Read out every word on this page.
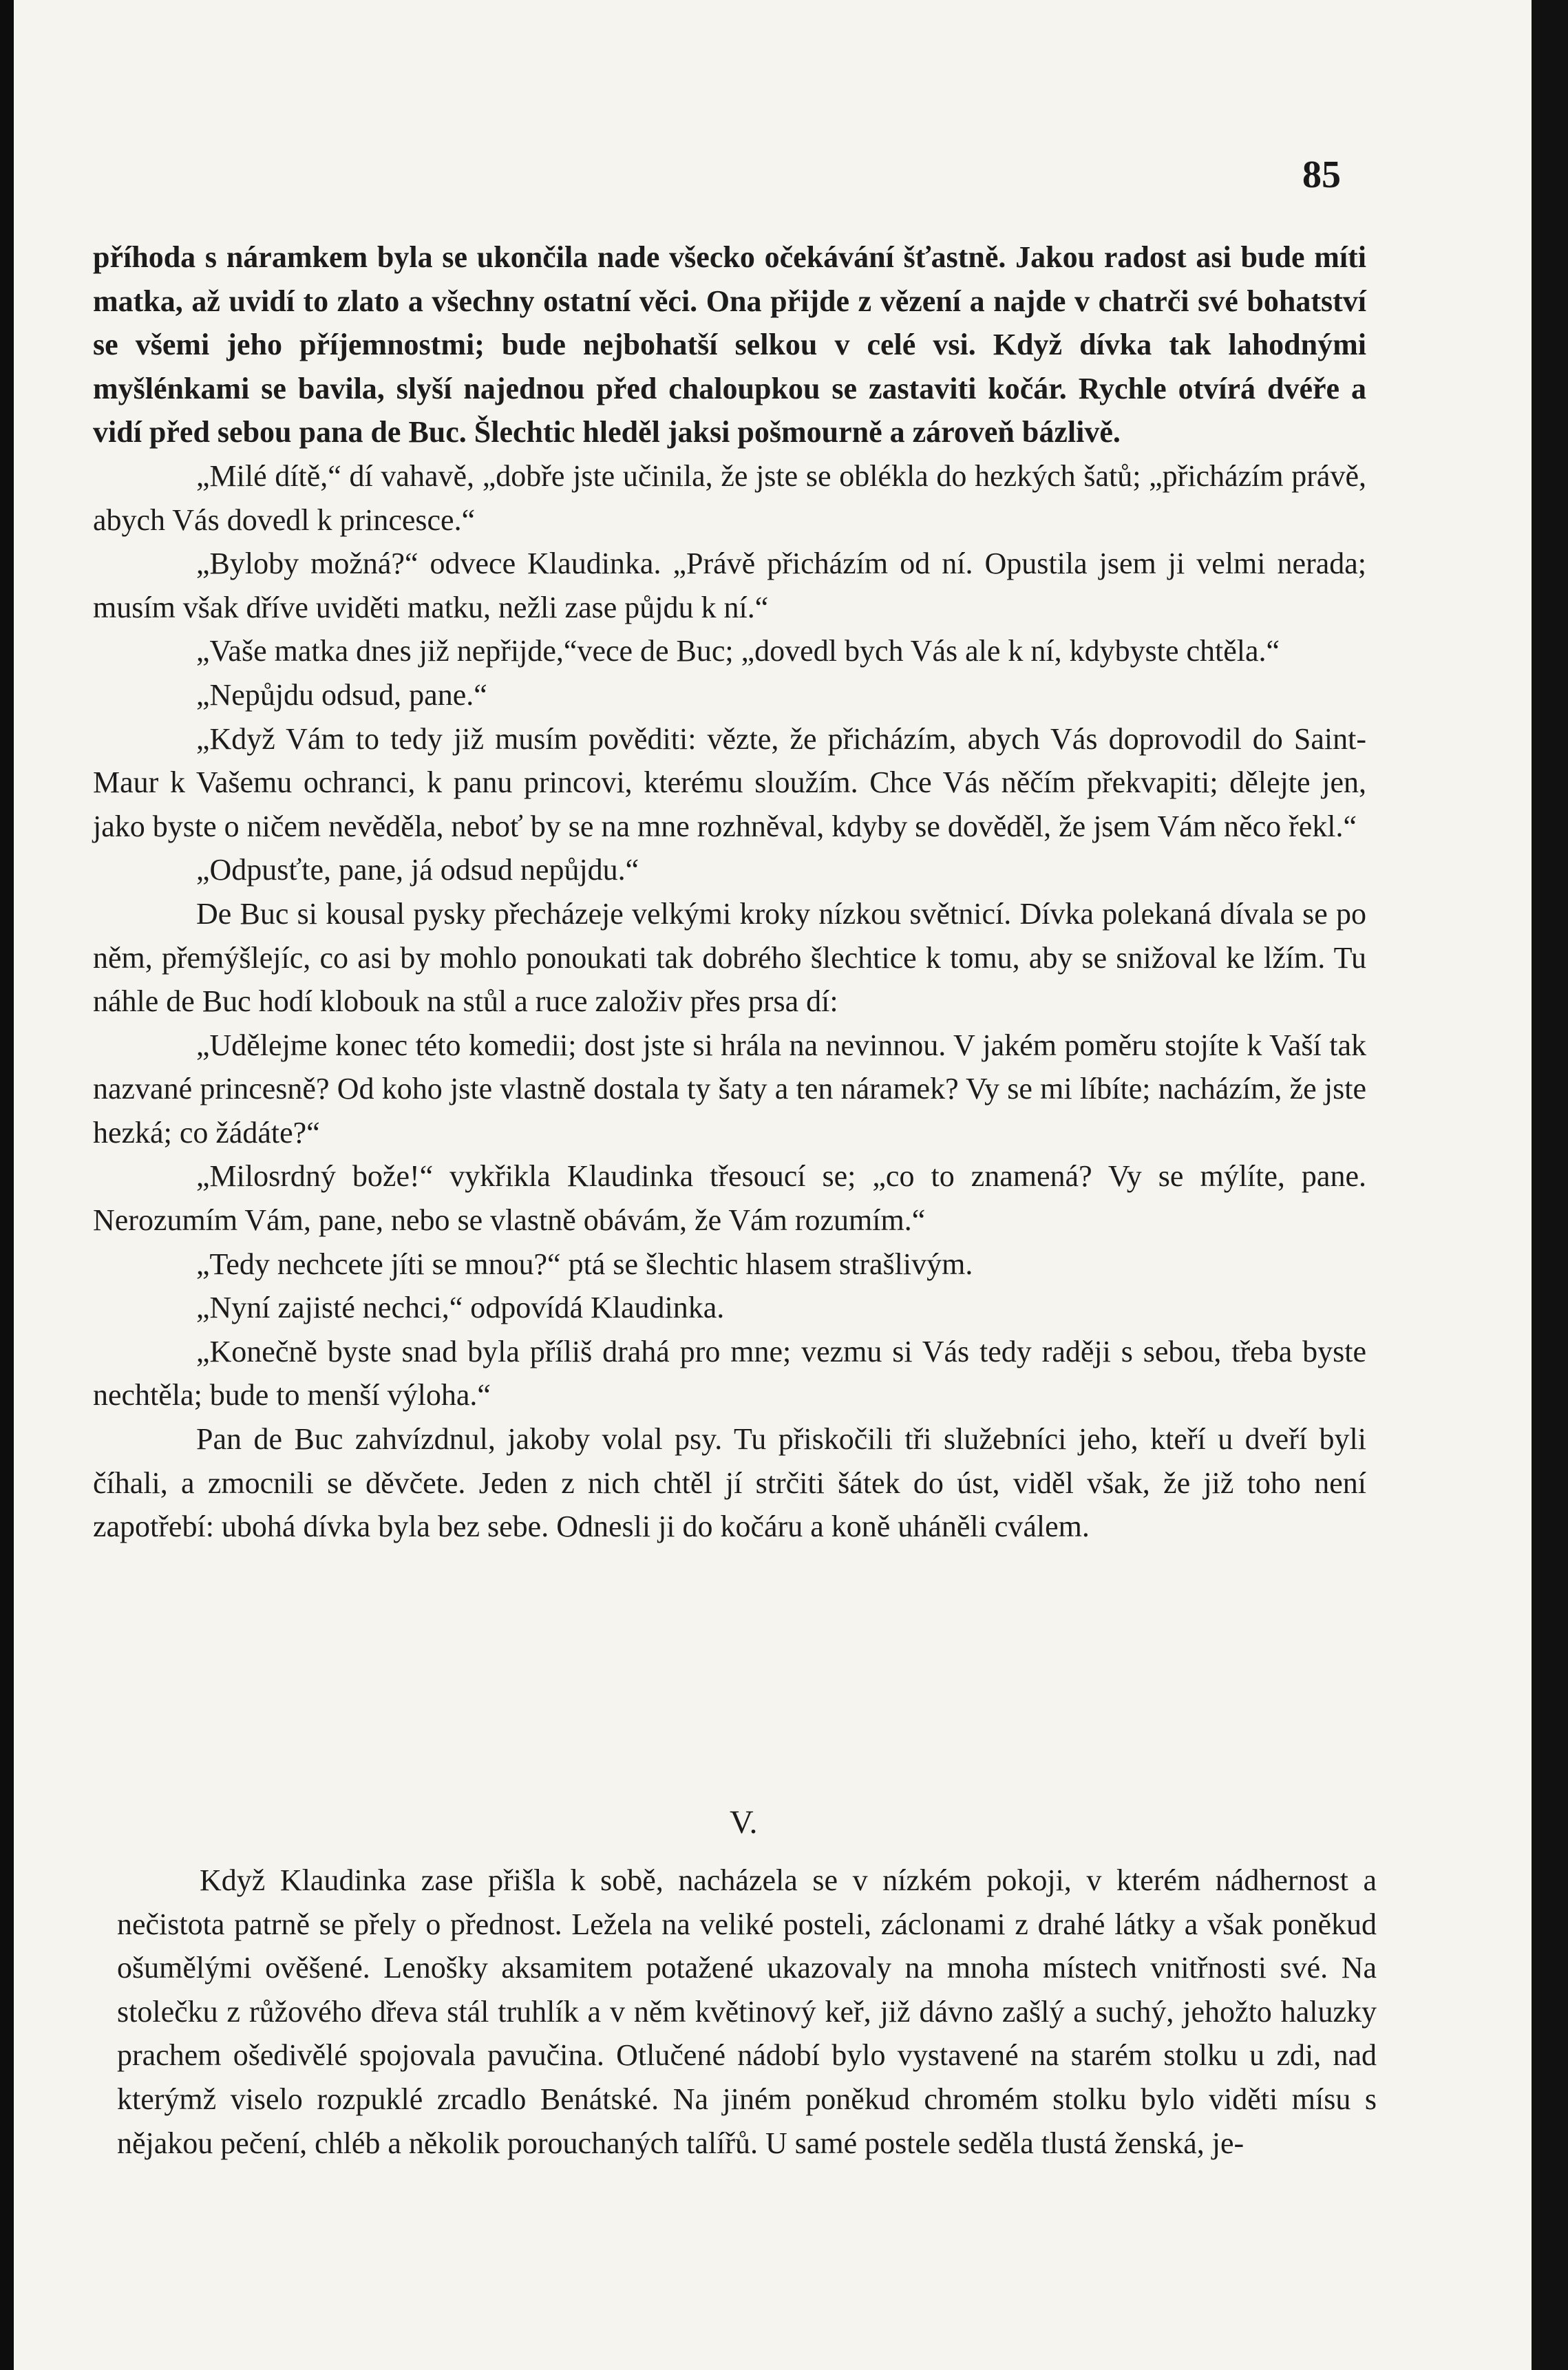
85

příhoda s náramkem byla se ukončila nade všecko očekávání šťastně. Jakou radost asi bude míti matka, až uvidí to zlato a všechny ostatní věci. Ona přijde z vězení a najde v chatrči své bohatství se všemi jeho příjemnostmi; bude nejbohatší selkou v celé vsi. Když dívka tak lahodnými myšlénkami se bavila, slyší najednou před chaloupkou se zastaviti kočár. Rychle otvírá dvéře a vidí před sebou pana de Buc. Šlechtic hleděl jaksi pošmourně a zároveň bázlivě.

„Milé dítě,“ dí vahavě, „dobře jste učinila, že jste se oblékla do hezkých šatů; „přicházím právě, abych Vás dovedl k princesce.“

„Byloby možná?“ odvece Klaudinka. „Právě přicházím od ní. Opustila jsem ji velmi nerada; musím však dříve uviděti matku, nežli zase půjdu k ní.“

„Vaše matka dnes již nepřijde,“vece de Buc; „dovedl bych Vás ale k ní, kdybyste chtěla.“

„Nepůjdu odsud, pane.“

„Když Vám to tedy již musím pověditi: vězte, že přicházím, abych Vás doprovodil do Saint-Maur k Vašemu ochranci, k panu princovi, kterému sloužím. Chce Vás něčím překvapiti; dělejte jen, jako byste o ničem nevěděla, neboť by se na mne rozhněval, kdyby se dověděl, že jsem Vám něco řekl.“

„Odpusťte, pane, já odsud nepůjdu.“

De Buc si kousal pysky přecházeje velkými kroky nízkou světnicí. Dívka polekaná dívala se po něm, přemýšlejíc, co asi by mohlo ponoukati tak dobrého šlechtice k tomu, aby se snižoval ke lžím. Tu náhle de Buc hodí klobouk na stůl a ruce založiv přes prsa dí:

„Udělejme konec této komedii; dost jste si hrála na nevinnou. V jakém poměru stojíte k Vaší tak nazvané princesně? Od koho jste vlastně dostala ty šaty a ten náramek? Vy se mi líbíte; nacházím, že jste hezká; co žádáte?“

„Milosrdný bože!“ vykřikla Klaudinka třesoucí se; „co to znamená? Vy se mýlíte, pane. Nerozumím Vám, pane, nebo se vlastně obávám, že Vám rozumím.“

„Tedy nechcete jíti se mnou?“ ptá se šlechtic hlasem strašlivým.

„Nyní zajisté nechci,“ odpovídá Klaudinka.

„Konečně byste snad byla příliš drahá pro mne; vezmu si Vás tedy raději s sebou, třeba byste nechtěla; bude to menší výloha.“

Pan de Buc zahvízdnul, jakoby volal psy. Tu přiskočili tři služebníci jeho, kteří u dveří byli číhali, a zmocnili se děvčete. Jeden z nich chtěl jí strčiti šátek do úst, viděl však, že již toho není zapotřebí: ubohá dívka byla bez sebe. Odnesli ji do kočáru a koně uháněli cválem.

V.

Když Klaudinka zase přišla k sobě, nacházela se v nízkém pokoji, v kterém nádhernost a nečistota patrně se přely o přednost. Ležela na veliké posteli, záclonami z drahé látky a však poněkud ošumělými ověšené. Lenošky aksamitem potažené ukazovaly na mnoha místech vnitřnosti své. Na stolečku z růžového dřeva stál truhlík a v něm květinový keř, již dávno zašlý a suchý, jehožto haluzky prachem ošedivělé spojovala pavučina. Otlučené nádobí bylo vystavené na starém stolku u zdi, nad kterýmž viselo rozpuklé zrcadlo Benátské. Na jiném poněkud chromém stolku bylo viděti mísu s nějakou pečení, chléb a několik porouchaných talířů. U samé postele seděla tlustá ženská, je-
